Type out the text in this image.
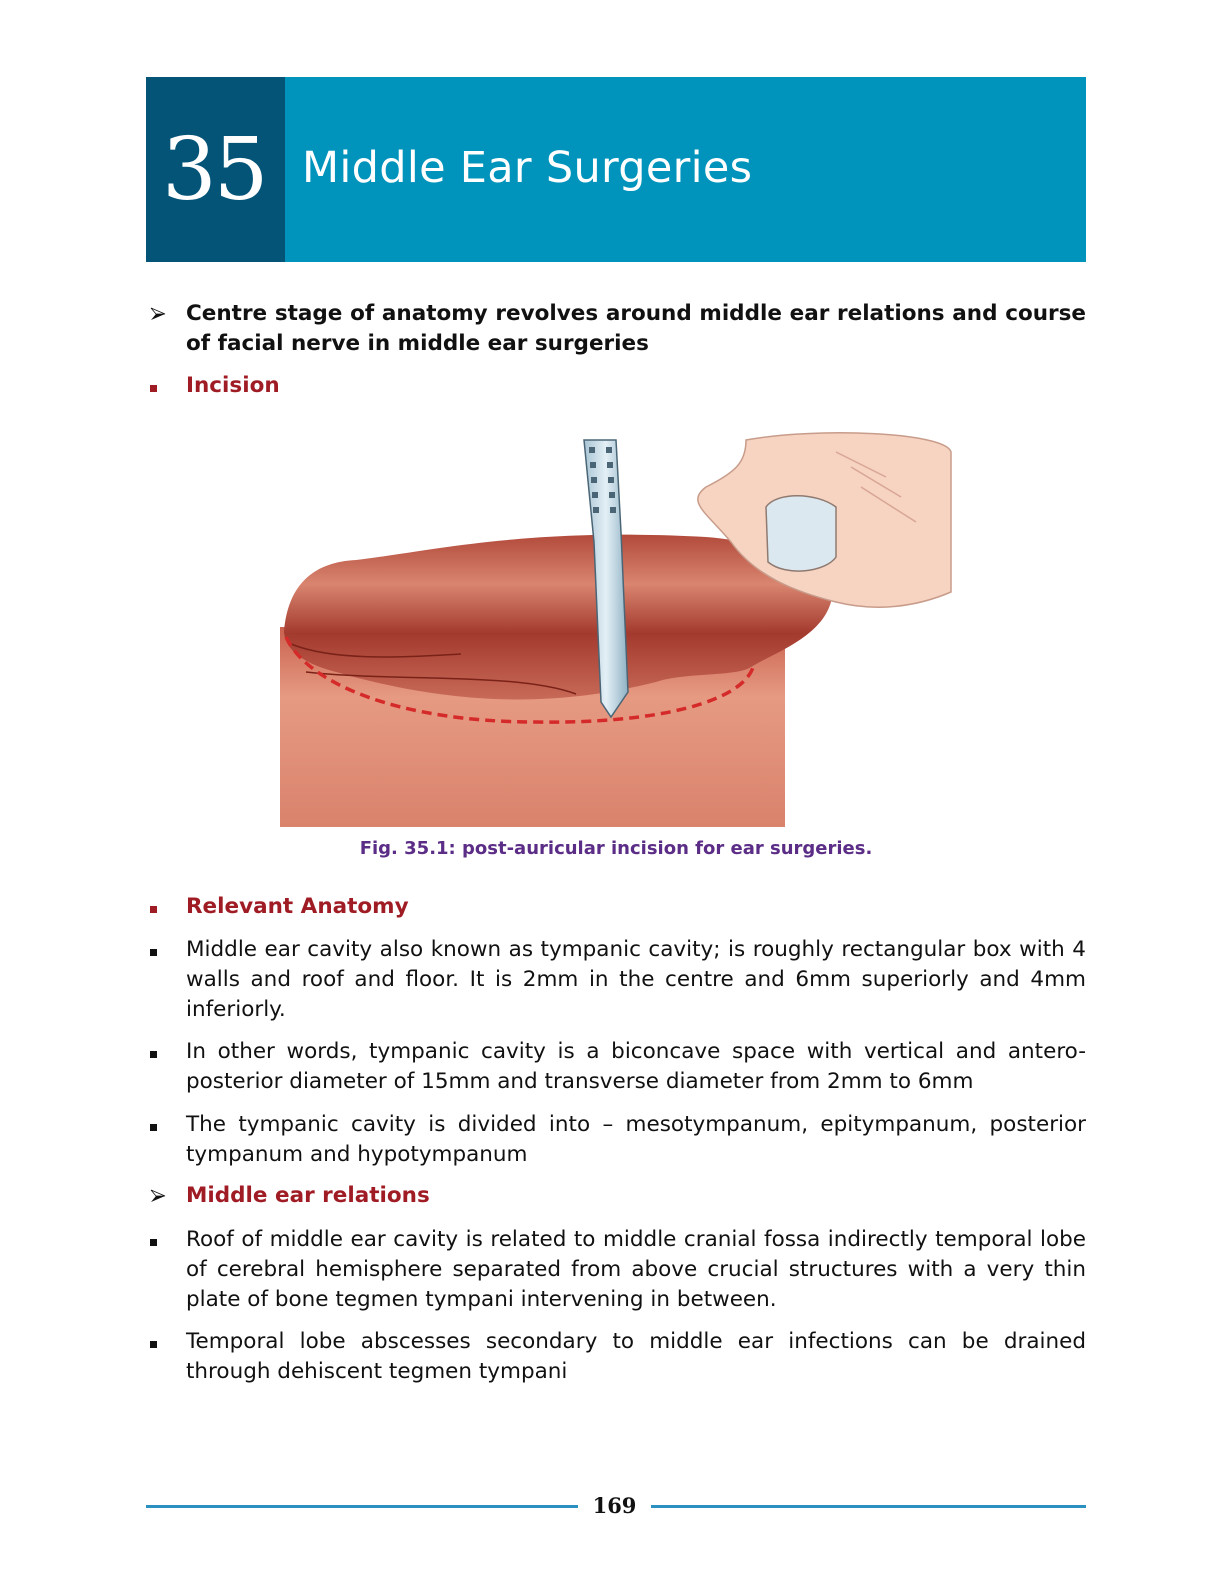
35 Middle Ear Surgeries
Centre stage of anatomy revolves around middle ear relations and course of facial nerve in middle ear surgeries
Incision
Fig. 35.1: post-auricular incision for ear surgeries.
Relevant Anatomy
Middle ear cavity also known as tympanic cavity; is roughly rectangular box with 4 walls and roof and floor. It is 2mm in the centre and 6mm superiorly and 4mm inferiorly.
In other words, tympanic cavity is a biconcave space with vertical and antero-posterior diameter of 15mm and transverse diameter from 2mm to 6mm
The tympanic cavity is divided into – mesotympanum, epitympanum, posterior tympanum and hypotympanum
Middle ear relations
Roof of middle ear cavity is related to middle cranial fossa indirectly temporal lobe of cerebral hemisphere separated from above crucial structures with a very thin plate of bone tegmen tympani intervening in between.
Temporal lobe abscesses secondary to middle ear infections can be drained through dehiscent tegmen tympani
169
